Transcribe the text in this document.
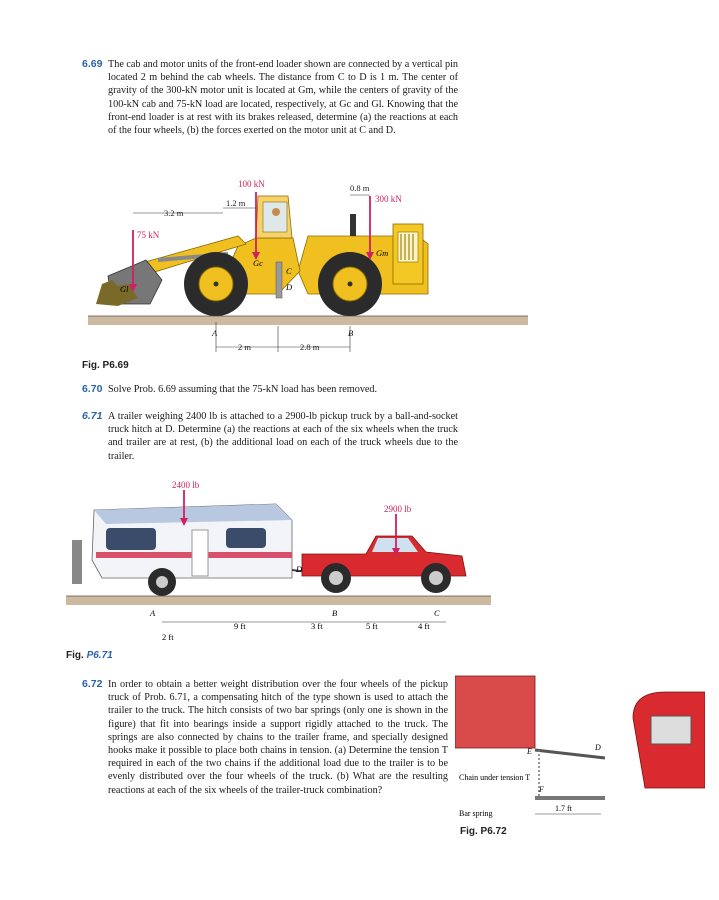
6.69 The cab and motor units of the front-end loader shown are connected by a vertical pin located 2 m behind the cab wheels. The distance from C to D is 1 m. The center of gravity of the 300-kN motor unit is located at Gm, while the centers of gravity of the 100-kN cab and 75-kN load are located, respectively, at Gc and Gl. Knowing that the front-end loader is at rest with its brakes released, determine (a) the reactions at each of the four wheels, (b) the forces exerted on the motor unit at C and D.
100 kN
300 kN
75 kN
3.2 m
1.2 m
0.8 m
Gc
C
D
Gm
Gl
A	B
2 m	2.8 m
Fig. P6.69
6.70 Solve Prob. 6.69 assuming that the 75-kN load has been removed.
6.71 A trailer weighing 2400 lb is attached to a 2900-lb pickup truck by a ball-and-socket truck hitch at D. Determine (a) the reactions at each of the six wheels when the truck and trailer are at rest, (b) the additional load on each of the truck wheels due to the trailer.
2400 lb
2900 lb
D
A	B	C
2 ft
9 ft	3 ft	5 ft	4 ft
Fig. P6.71
6.72 In order to obtain a better weight distribution over the four wheels of the pickup truck of Prob. 6.71, a compensating hitch of the type shown is used to attach the trailer to the truck. The hitch consists of two bar springs (only one is shown in the figure) that fit into bearings inside a support rigidly attached to the truck. The springs are also connected by chains to the trailer frame, and specially designed hooks make it possible to place both chains in tension. (a) Determine the tension T required in each of the two chains if the additional load due to the trailer is to be evenly distributed over the four wheels of the truck. (b) What are the resulting reactions at each of the six wheels of the trailer-truck combination?
E	D
F
Chain under tension T
Bar spring
1.7 ft
Fig. P6.72
